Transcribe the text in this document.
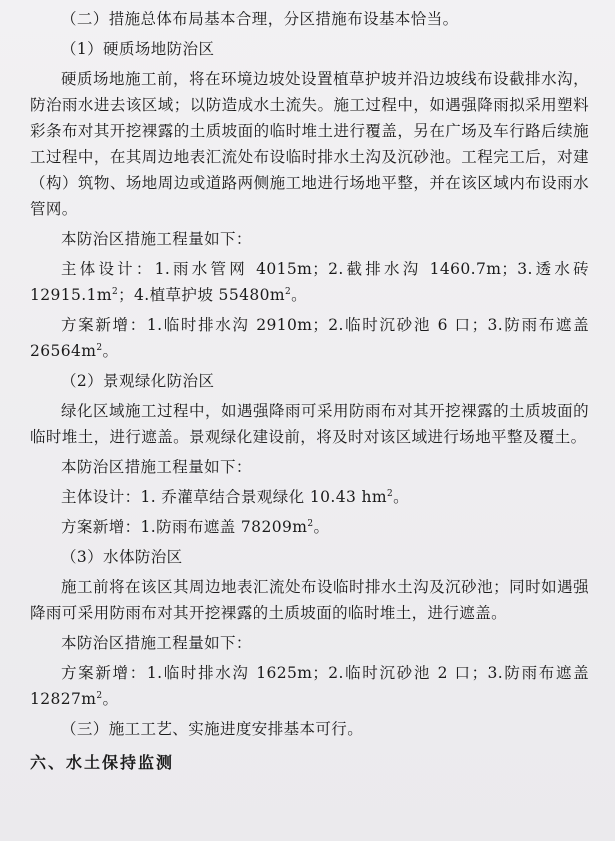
（二）措施总体布局基本合理，分区措施布设基本恰当。

（1）硬质场地防治区

硬质场地施工前，将在环境边坡处设置植草护坡并沿边坡线布设截排水沟，防治雨水进去该区域；以防造成水土流失。施工过程中，如遇强降雨拟采用塑料彩条布对其开挖裸露的土质坡面的临时堆土进行覆盖，另在广场及车行路后续施工过程中，在其周边地表汇流处布设临时排水土沟及沉砂池。工程完工后，对建（构）筑物、场地周边或道路两侧施工地进行场地平整，并在该区域内布设雨水管网。

本防治区措施工程量如下：

主体设计：1.雨水管网 4015m；2.截排水沟 1460.7m；3.透水砖 $12915.1m^2$；4.植草护坡 $55480m^2$。

方案新增：1.临时排水沟 2910m；2.临时沉砂池 6 口；3.防雨布遮盖 $26564m^2$。

（2）景观绿化防治区

绿化区域施工过程中，如遇强降雨可采用防雨布对其开挖裸露的土质坡面的临时堆土，进行遮盖。景观绿化建设前，将及时对该区域进行场地平整及覆土。

本防治区措施工程量如下：

主体设计：1. 乔灌草结合景观绿化 10.43 $hm^2$。

方案新增：1.防雨布遮盖 $78209m^2$。

（3）水体防治区

施工前将在该区其周边地表汇流处布设临时排水土沟及沉砂池；同时如遇强降雨可采用防雨布对其开挖裸露的土质坡面的临时堆土，进行遮盖。

本防治区措施工程量如下：

方案新增：1.临时排水沟 1625m；2.临时沉砂池 2 口；3.防雨布遮盖 $12827m^2$。

（三）施工工艺、实施进度安排基本可行。

六、水土保持监测
